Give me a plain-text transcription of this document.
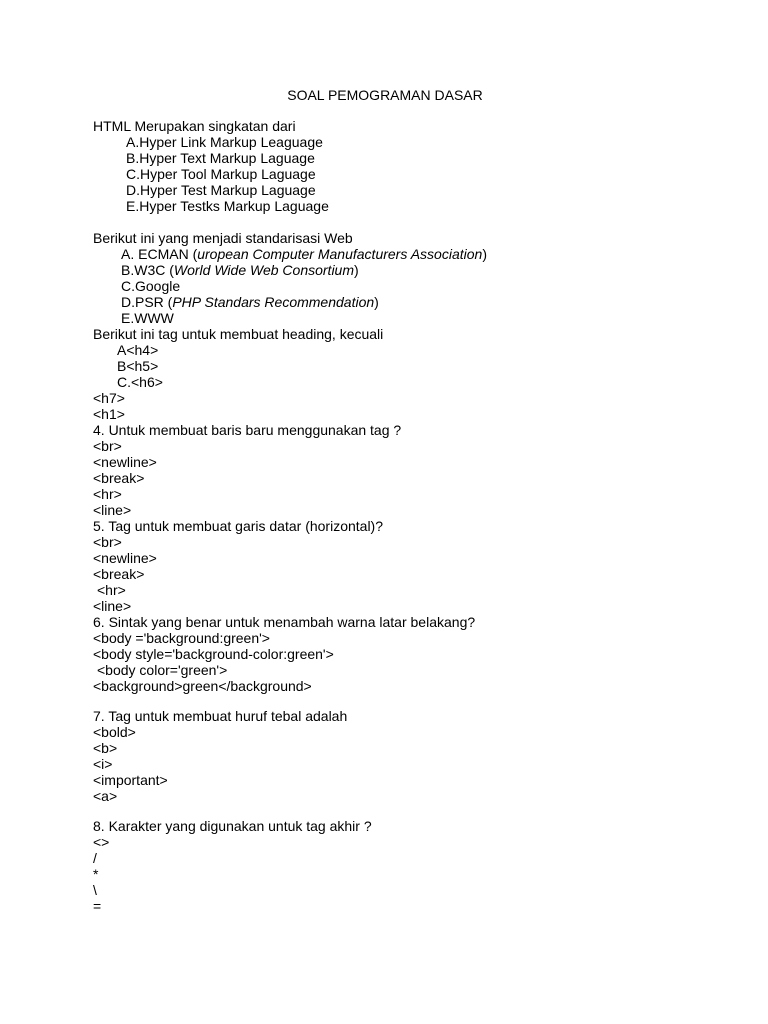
SOAL PEMOGRAMAN DASAR
HTML Merupakan singkatan dari
A.Hyper Link Markup Leaguage
B.Hyper Text Markup Laguage
C.Hyper Tool Markup Laguage
D.Hyper Test Markup Laguage
E.Hyper Testks Markup Laguage
Berikut ini yang menjadi standarisasi Web
A. ECMAN (uropean Computer Manufacturers Association)
B.W3C (World Wide Web Consortium)
C.Google
D.PSR (PHP Standars Recommendation)
E.WWW
Berikut ini tag untuk membuat heading, kecuali
A<h4>
B<h5>
C.<h6>
<h7>
<h1>
4. Untuk membuat baris baru menggunakan tag ?
<br>
<newline>
<break>
<hr>
<line>
5. Tag untuk membuat garis datar (horizontal)?
<br>
<newline>
<break>
<hr>
<line>
6. Sintak yang benar untuk menambah warna latar belakang?
<body ='background:green'>
<body style='background-color:green'>
<body color='green'>
<background>green</background>
7. Tag untuk membuat huruf tebal adalah
<bold>
<b>
<i>
<important>
<a>
8. Karakter yang digunakan untuk tag akhir ?
<>
/
*
\
=
